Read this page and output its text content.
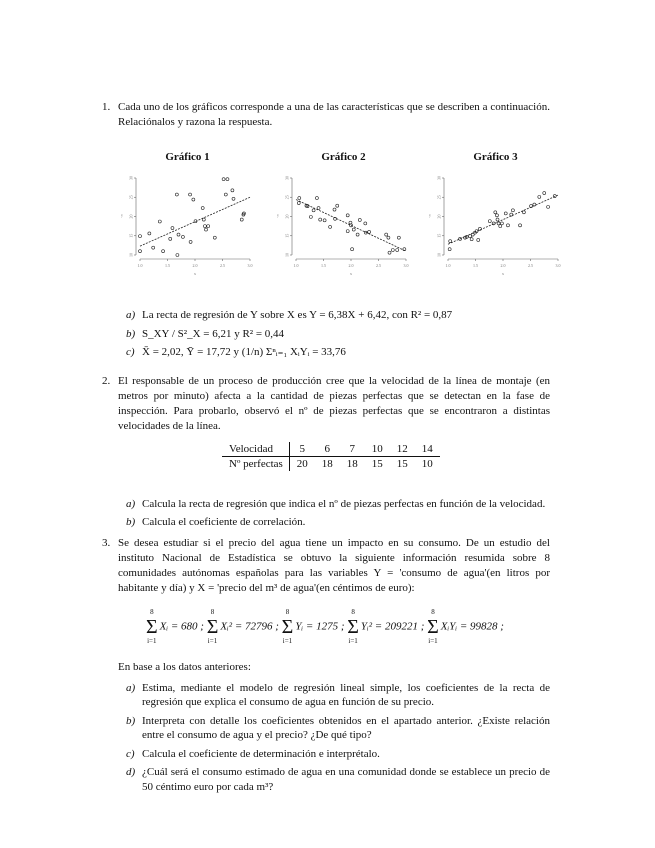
1. Cada uno de los gráficos corresponde a una de las características que se describen a continuación. Relaciónalos y razona la respuesta.
Gráfico 1
1.0	1.5	2.0	2.5	3.0
10
15
20
25
30
x
y
Gráfico 2
1.0	1.5	2.0	2.5	3.0
10
15
20
25
30
x
y
Gráfico 3
1.0	1.5	2.0	2.5	3.0
10
15
20
25
30
x
y
a) La recta de regresión de Y sobre X es Y = 6,38X + 6,42, con R² = 0,87
b) S_XY / S²_X = 6,21 y R² = 0,44
c) X̄ = 2,02, Ȳ = 17,72 y (1/n) Σⁿᵢ₌₁ XᵢYᵢ = 33,76
2. El responsable de un proceso de producción cree que la velocidad de la línea de montaje (en metros por minuto) afecta a la cantidad de piezas perfectas que se detectan en la fase de inspección. Para probarlo, observó el nº de piezas perfectas que se encontraron a distintas velocidades de la línea.
Velocidad	5	6	7	10	12	14
Nº perfectas	20	18	18	15	15	10
a) Calcula la recta de regresión que indica el nº de piezas perfectas en función de la velocidad.
b) Calcula el coeficiente de correlación.
3. Se desea estudiar si el precio del agua tiene un impacto en su consumo. De un estudio del instituto Nacional de Estadística se obtuvo la siguiente información resumida sobre 8 comunidades autónomas españolas para las variables Y = 'consumo de agua'(en litros por habitante y día) y X = 'precio del m³ de agua'(en céntimos de euro):
8
Σ
i=1
Xᵢ = 680 ;
8
Σ
i=1
Xᵢ² = 72796 ;
8
Σ
i=1
Yᵢ = 1275 ;
8
Σ
i=1
Yᵢ² = 209221 ;
8
Σ
i=1
XᵢYᵢ = 99828 ;
En base a los datos anteriores:
a) Estima, mediante el modelo de regresión lineal simple, los coeficientes de la recta de regresión que explica el consumo de agua en función de su precio.
b) Interpreta con detalle los coeficientes obtenidos en el apartado anterior. ¿Existe relación entre el consumo de agua y el precio? ¿De qué tipo?
c) Calcula el coeficiente de determinación e interprétalo.
d) ¿Cuál será el consumo estimado de agua en una comunidad donde se establece un precio de 50 céntimo euro por cada m³?
